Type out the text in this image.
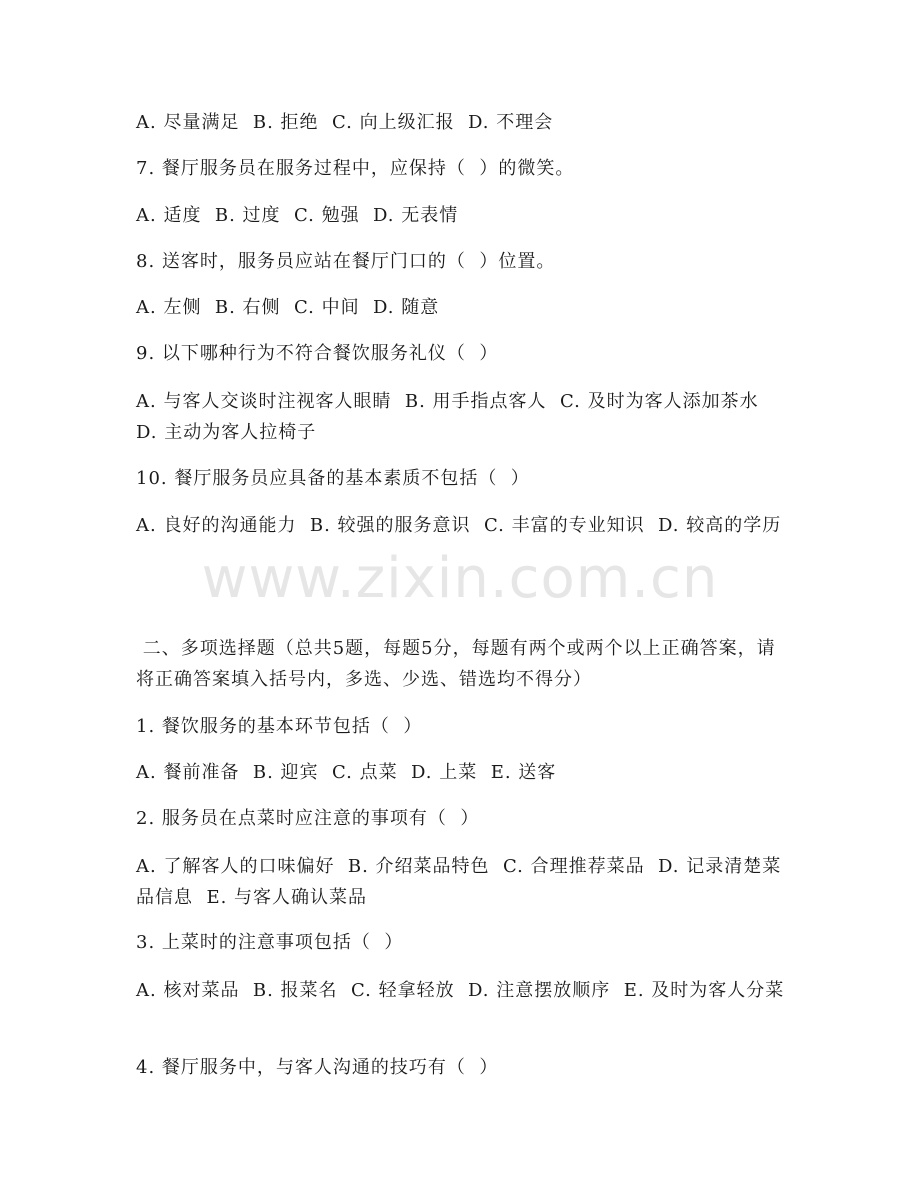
A. 尽量满足  B. 拒绝  C. 向上级汇报  D. 不理会
7. 餐厅服务员在服务过程中，应保持（  ）的微笑。
A. 适度  B. 过度  C. 勉强  D. 无表情
8. 送客时，服务员应站在餐厅门口的（  ）位置。
A. 左侧  B. 右侧  C. 中间  D. 随意
9. 以下哪种行为不符合餐饮服务礼仪（  ）
A. 与客人交谈时注视客人眼睛  B. 用手指点客人  C. 及时为客人添加茶水  D. 主动为客人拉椅子
10. 餐厅服务员应具备的基本素质不包括（  ）
A. 良好的沟通能力  B. 较强的服务意识  C. 丰富的专业知识  D. 较高的学历
www.zixin.com.cn
二、多项选择题（总共5题，每题5分，每题有两个或两个以上正确答案，请将正确答案填入括号内，多选、少选、错选均不得分）
1. 餐饮服务的基本环节包括（  ）
A. 餐前准备  B. 迎宾  C. 点菜  D. 上菜  E. 送客
2. 服务员在点菜时应注意的事项有（  ）
A. 了解客人的口味偏好  B. 介绍菜品特色  C. 合理推荐菜品  D. 记录清楚菜品信息  E. 与客人确认菜品
3. 上菜时的注意事项包括（  ）
A. 核对菜品  B. 报菜名  C. 轻拿轻放  D. 注意摆放顺序  E. 及时为客人分菜
4. 餐厅服务中，与客人沟通的技巧有（  ）
